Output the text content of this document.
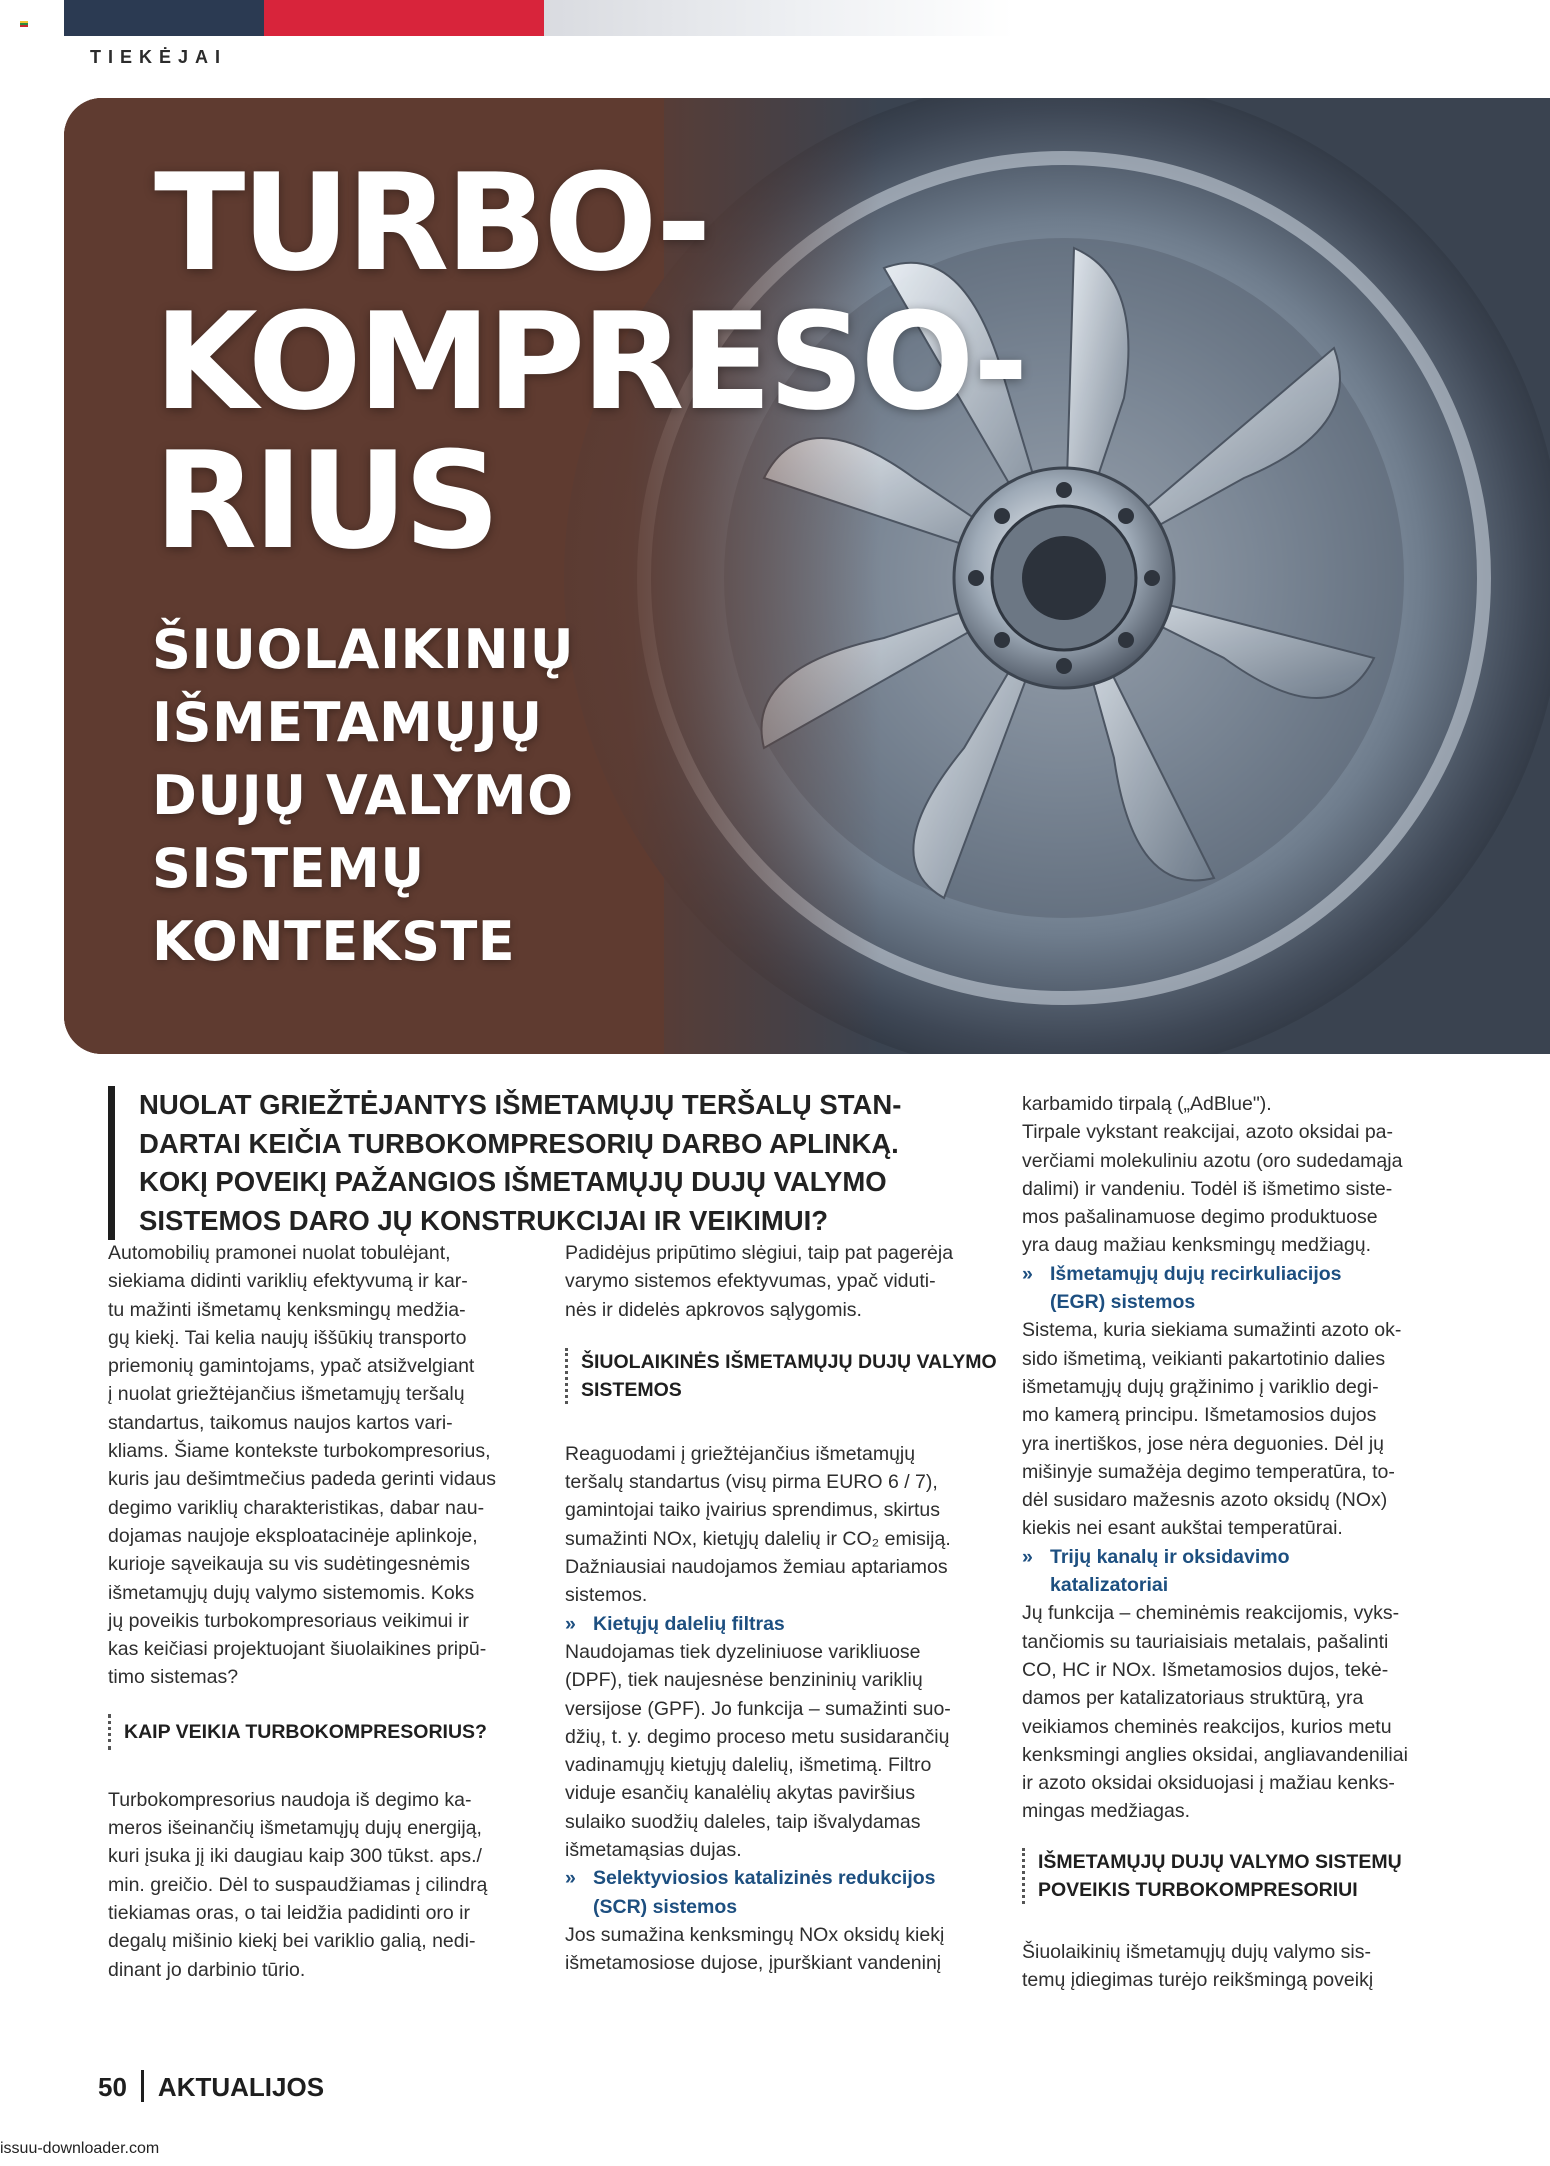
TIEKĖJAI
TURBO-
KOMPRESO-
RIUS
ŠIUOLAIKINIŲ
IŠMETAMŲJŲ
DUJŲ VALYMO
SISTEMŲ
KONTEKSTE
NUOLAT GRIEŽTĖJANTYS IŠMETAMŲJŲ TERŠALŲ STAN-
DARTAI KEIČIA TURBOKOMPRESORIŲ DARBO APLINKĄ.
KOKĮ POVEIKĮ PAŽANGIOS IŠMETAMŲJŲ DUJŲ VALYMO
SISTEMOS DARO JŲ KONSTRUKCIJAI IR VEIKIMUI?
Automobilių pramonei nuolat tobulėjant,
siekiama didinti variklių efektyvumą ir kar-
tu mažinti išmetamų kenksmingų medžia-
gų kiekį. Tai kelia naujų iššūkių transporto
priemonių gamintojams, ypač atsižvelgiant
į nuolat griežtėjančius išmetamųjų teršalų
standartus, taikomus naujos kartos vari-
kliams. Šiame kontekste turbokompresorius,
kuris jau dešimtmečius padeda gerinti vidaus
degimo variklių charakteristikas, dabar nau-
dojamas naujoje eksploatacinėje aplinkoje,
kurioje sąveikauja su vis sudėtingesnėmis
išmetamųjų dujų valymo sistemomis. Koks
jų poveikis turbokompresoriaus veikimui ir
kas keičiasi projektuojant šiuolaikines pripū-
timo sistemas?
KAIP VEIKIA TURBOKOMPRESORIUS?
Turbokompresorius naudoja iš degimo ka-
meros išeinančių išmetamųjų dujų energiją,
kuri įsuka jį iki daugiau kaip 300 tūkst. aps./
min. greičio. Dėl to suspaudžiamas į cilindrą
tiekiamas oras, o tai leidžia padidinti oro ir
degalų mišinio kiekį bei variklio galią, nedi-
dinant jo darbinio tūrio.
Padidėjus pripūtimo slėgiui, taip pat pagerėja
varymo sistemos efektyvumas, ypač viduti-
nės ir didelės apkrovos sąlygomis.
ŠIUOLAIKINĖS IŠMETAMŲJŲ DUJŲ VALYMO
SISTEMOS
Reaguodami į griežtėjančius išmetamųjų
teršalų standartus (visų pirma EURO 6 / 7),
gamintojai taiko įvairius sprendimus, skirtus
sumažinti NOx, kietųjų dalelių ir CO₂ emisiją.
Dažniausiai naudojamos žemiau aptariamos
sistemos.
» Kietųjų dalelių filtras
Naudojamas tiek dyzeliniuose varikliuose
(DPF), tiek naujesnėse benzininių variklių
versijose (GPF). Jo funkcija – sumažinti suo-
džių, t. y. degimo proceso metu susidarančių
vadinamųjų kietųjų dalelių, išmetimą. Filtro
viduje esančių kanalėlių akytas paviršius
sulaiko suodžių daleles, taip išvalydamas
išmetamąsias dujas.
» Selektyviosios katalizinės redukcijos
(SCR) sistemos
Jos sumažina kenksmingų NOx oksidų kiekį
išmetamosiose dujose, įpurškiant vandeninį
karbamido tirpalą („AdBlue").
Tirpale vykstant reakcijai, azoto oksidai pa-
verčiami molekuliniu azotu (oro sudedamąja
dalimi) ir vandeniu. Todėl iš išmetimo siste-
mos pašalinamuose degimo produktuose
yra daug mažiau kenksmingų medžiagų.
» Išmetamųjų dujų recirkuliacijos
(EGR) sistemos
Sistema, kuria siekiama sumažinti azoto ok-
sido išmetimą, veikianti pakartotinio dalies
išmetamųjų dujų grąžinimo į variklio degi-
mo kamerą principu. Išmetamosios dujos
yra inertiškos, jose nėra deguonies. Dėl jų
mišinyje sumažėja degimo temperatūra, to-
dėl susidaro mažesnis azoto oksidų (NOx)
kiekis nei esant aukštai temperatūrai.
» Trijų kanalų ir oksidavimo
katalizatoriai
Jų funkcija – cheminėmis reakcijomis, vyks-
tančiomis su tauriaisiais metalais, pašalinti
CO, HC ir NOx. Išmetamosios dujos, tekė-
damos per katalizatoriaus struktūrą, yra
veikiamos cheminės reakcijos, kurios metu
kenksmingi anglies oksidai, angliavandeniliai
ir azoto oksidai oksiduojasi į mažiau kenks-
mingas medžiagas.
IŠMETAMŲJŲ DUJŲ VALYMO SISTEMŲ
POVEIKIS TURBOKOMPRESORIUI
Šiuolaikinių išmetamųjų dujų valymo sis-
temų įdiegimas turėjo reikšmingą poveikį
50 AKTUALIJOS
issuu-downloader.com
